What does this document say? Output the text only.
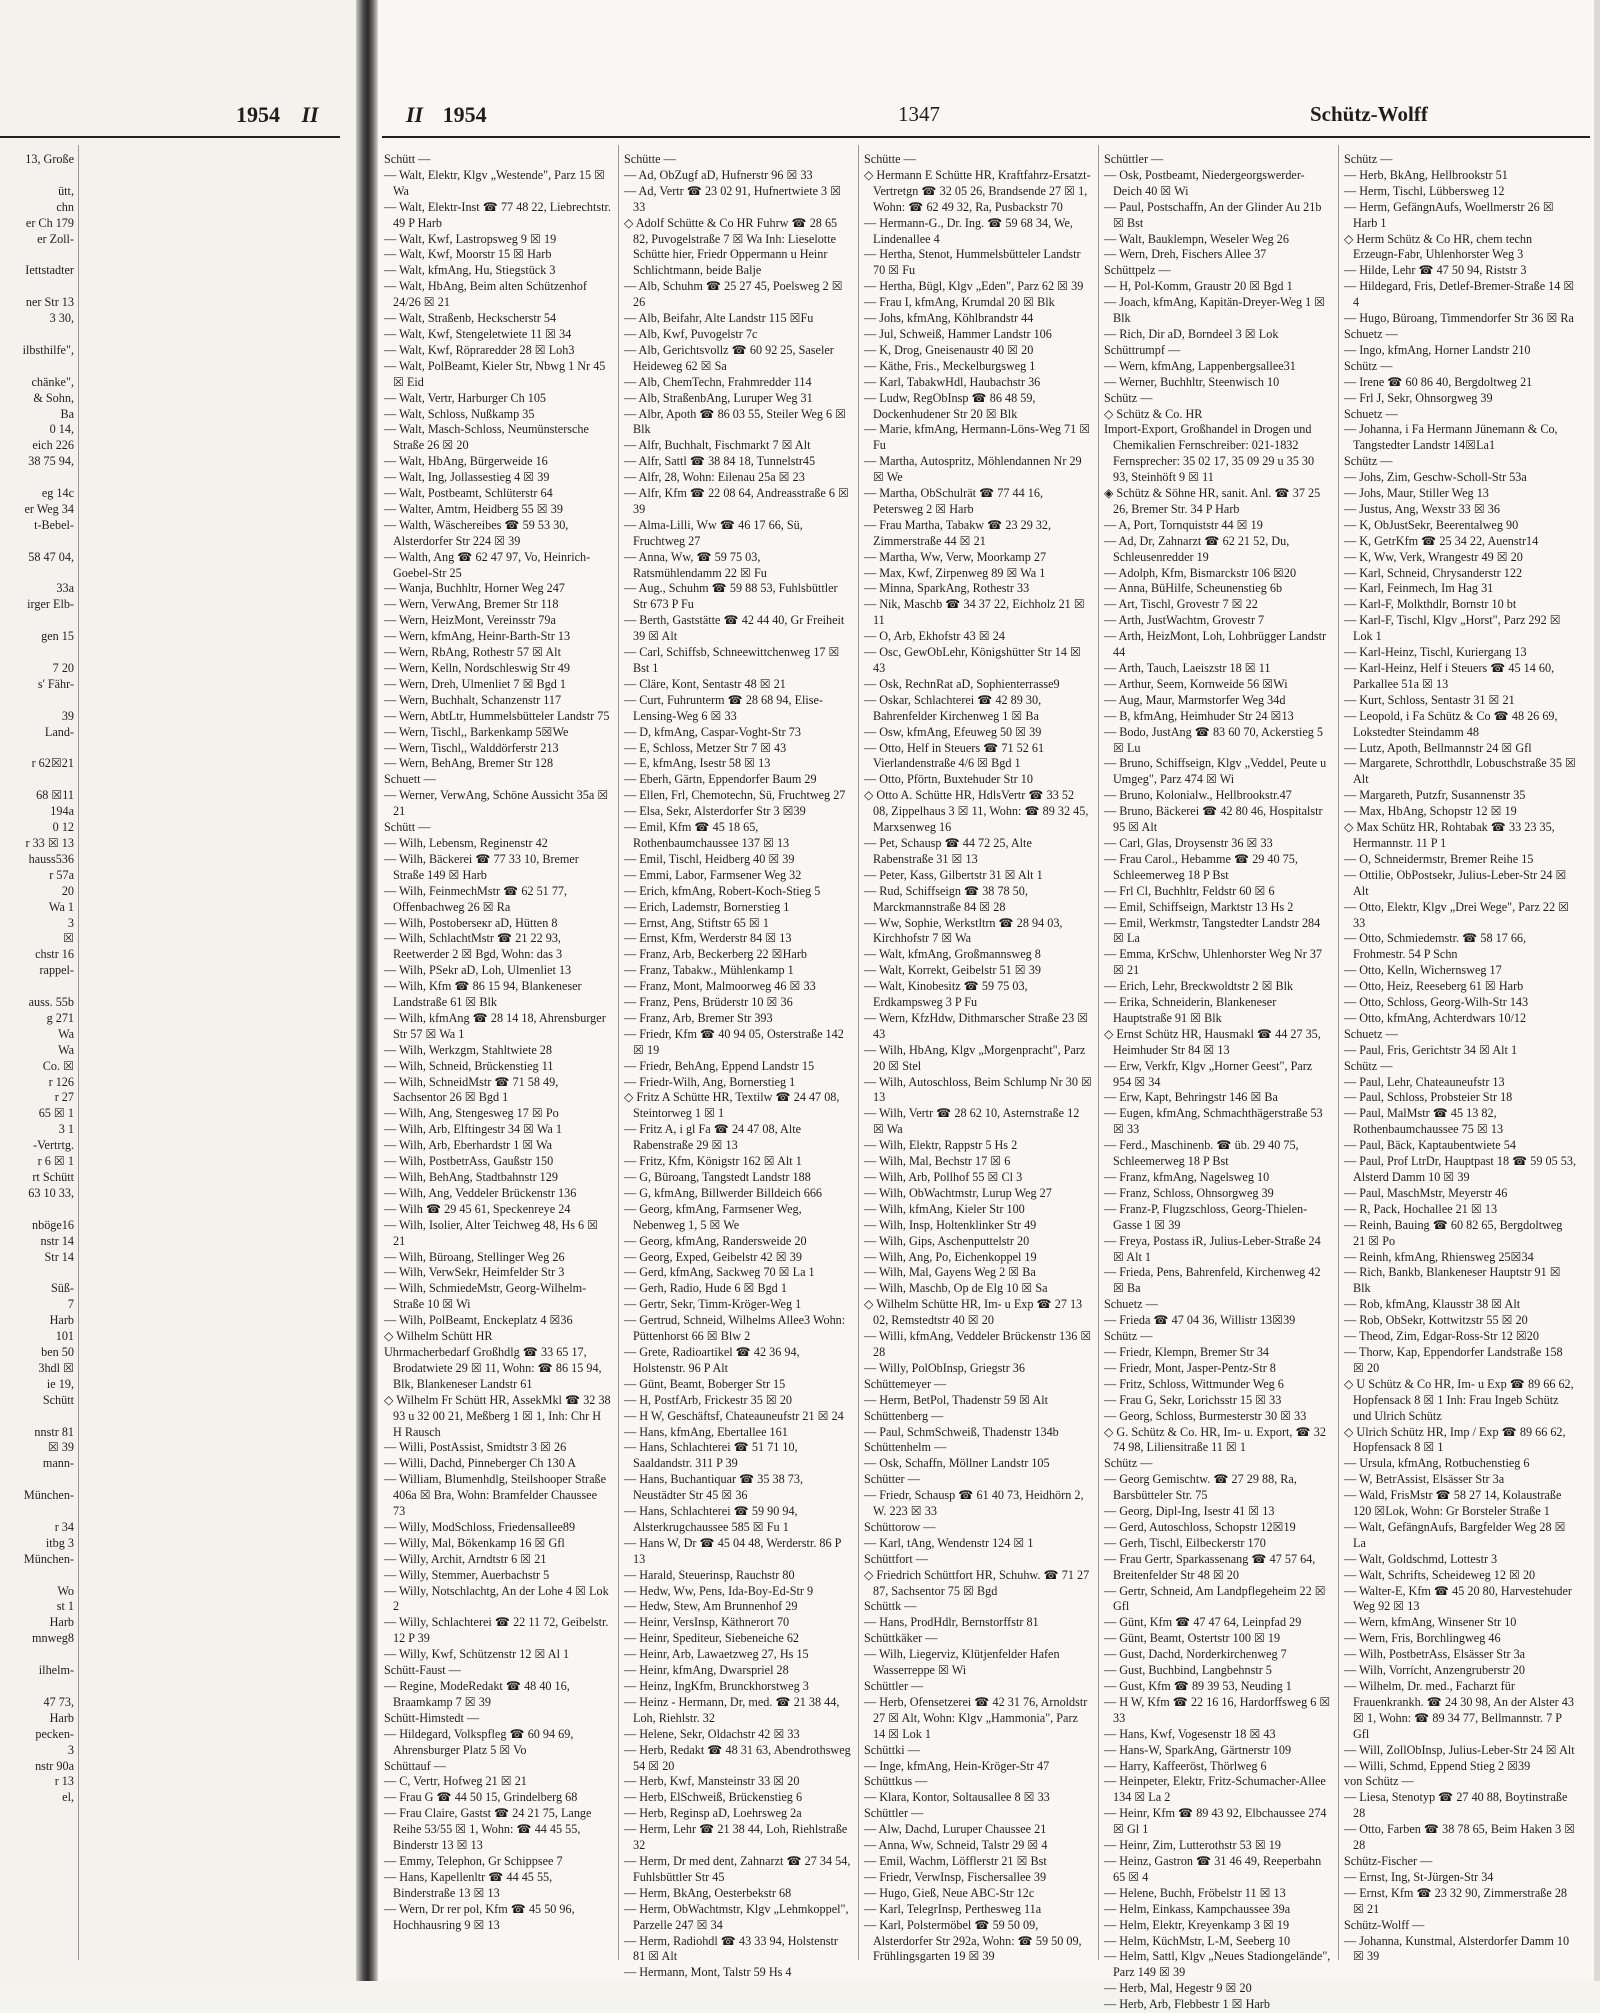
1954 II
13, Große

ütt,
chn
er Ch 179
er Zoll-

Iettstadter

ner Str 13
3 30,

ilbsthilfe",

chänke",
& Sohn,
Ba
0 14,
eich 226
38 75 94,

eg 14c
er Weg 34
t-Bebel-

58 47 04,

33a
irger Elb-

gen 15

7 20
s' Fähr-

39
Land-

r 62☒21

68 ☒11
194a
0 12
r 33 ☒ 13
hauss536
r 57a
20
Wa 1
3
☒
chstr 16
rappel-

auss. 55b
g 271
Wa
Wa
Co. ☒
r 126
r 27
65 ☒ 1
3 1
-Vertrtg.
r 6 ☒ 1
rt Schütt
63 10 33,

nböge16
nstr 14
Str 14

Süß-
7
Harb
101
ben 50
3hdl ☒
ie 19,
Schütt

nnstr 81
☒ 39
mann-

München-

r 34
itbg 3
München-

Wo
st 1
Harb
mnweg8

ilhelm-

47 73,
Harb
pecken-
3
nstr 90a
r 13
el,

II 1954	1347	Schütz-Wolff
Schütt —
— Walt, Elektr, Klgv „Westende", Parz 15 ☒ Wa
— Walt, Elektr-Inst ☎ 77 48 22, Liebrechtstr. 49 P Harb
— Walt, Kwf, Lastropsweg 9 ☒ 19
— Walt, Kwf, Moorstr 15 ☒ Harb
— Walt, kfmAng, Hu, Stiegstück 3
— Walt, HbAng, Beim alten Schützenhof 24/26 ☒ 21
— Walt, Straßenb, Heckscherstr 54
— Walt, Kwf, Stengeletwiete 11 ☒ 34
— Walt, Kwf, Röpraredder 28 ☒ Loh3
— Walt, PolBeamt, Kieler Str, Nbwg 1 Nr 45 ☒ Eid
— Walt, Vertr, Harburger Ch 105
— Walt, Schloss, Nußkamp 35
— Walt, Masch-Schloss, Neumünstersche Straße 26 ☒ 20
— Walt, HbAng, Bürgerweide 16
— Walt, Ing, Jollassestieg 4 ☒ 39
— Walt, Postbeamt, Schlüterstr 64
— Walter, Amtm, Heidberg 55 ☒ 39
— Walth, Wäschereibes ☎ 59 53 30, Alsterdorfer Str 224 ☒ 39
— Walth, Ang ☎ 62 47 97, Vo, Heinrich-Goebel-Str 25
— Wanja, Buchhltr, Horner Weg 247
— Wern, VerwAng, Bremer Str 118
— Wern, HeizMont, Vereinsstr 79a
— Wern, kfmAng, Heinr-Barth-Str 13
— Wern, RbAng, Rothestr 57 ☒ Alt
— Wern, Kelln, Nordschleswig Str 49
— Wern, Dreh, Ulmenliet 7 ☒ Bgd 1
— Wern, Buchhalt, Schanzenstr 117
— Wern, AbtLtr, Hummelsbütteler Landstr 75
— Wern, Tischl,, Barkenkamp 5☒We
— Wern, Tischl,, Walddörferstr 213
— Wern, BehAng, Bremer Str 128
Schuett —
— Werner, VerwAng, Schöne Aussicht 35a ☒ 21
Schütt —
— Wilh, Lebensm, Reginenstr 42
— Wilh, Bäckerei ☎ 77 33 10, Bremer Straße 149 ☒ Harb
— Wilh, FeinmechMstr ☎ 62 51 77, Offenbachweg 26 ☒ Ra
— Wilh, Postoberseкr aD, Hütten 8
— Wilh, SchlachtMstr ☎ 21 22 93, Reetwerder 2 ☒ Bgd, Wohn: das 3
— Wilh, PSekr aD, Loh, Ulmenliet 13
— Wilh, Kfm ☎ 86 15 94, Blankeneser Landstraße 61 ☒ Blk
— Wilh, kfmAng ☎ 28 14 18, Ahrensburger Str 57 ☒ Wa 1
— Wilh, Werkzgm, Stahltwiete 28
— Wilh, Schneid, Brückenstieg 11
— Wilh, SchneidMstr ☎ 71 58 49, Sachsentor 26 ☒ Bgd 1
— Wilh, Ang, Stengesweg 17 ☒ Po
— Wilh, Arb, Elftingestr 34 ☒ Wa 1
— Wilh, Arb, Eberhardstr 1 ☒ Wa
— Wilh, PostbetrAss, Gaußstr 150
— Wilh, BehAng, Stadtbahnstr 129
— Wilh, Ang, Veddeler Brückenstr 136
— Wilh ☎ 29 45 61, Speckenreye 24
— Wilh, Isolier, Alter Teichweg 48, Hs 6 ☒ 21
— Wilh, Büroang, Stellinger Weg 26
— Wilh, VerwSekr, Heimfelder Str 3
— Wilh, SchmiedeMstr, Georg-Wilhelm-Straße 10 ☒ Wi
— Wilh, PolBeamt, Enckeplatz 4 ☒36
◇ Wilhelm Schütt HR
Uhrmacherbedarf Großhdlg ☎ 33 65 17, Brodatwiete 29 ☒ 11, Wohn: ☎ 86 15 94, Blk, Blankeneser Landstr 61
◇ Wilhelm Fr Schütt HR, AssekMkl ☎ 32 38 93 u 32 00 21, Meßberg 1 ☒ 1, Inh: Chr H H Rausch
— Willi, PostAssist, Smidtstr 3 ☒ 26
— Willi, Dachd, Pinneberger Ch 130 A
— William, Blumenhdlg, Steilshooper Straße 406a ☒ Bra, Wohn: Bramfelder Chaussee 73
— Willy, ModSchloss, Friedensallee89
— Willy, Mal, Bökenkamp 16 ☒ Gfl
— Willy, Archit, Arndtstr 6 ☒ 21
— Willy, Stemmer, Auerbachstr 5
— Willy, Notschlachtg, An der Lohe 4 ☒ Lok 2
— Willy, Schlachterei ☎ 22 11 72, Geibelstr. 12 P 39
— Willy, Kwf, Schützenstr 12 ☒ Al 1
Schütt-Faust —
— Regine, ModeRedakt ☎ 48 40 16, Braamkamp 7 ☒ 39
Schütt-Himstedt —
— Hildegard, Volkspfleg ☎ 60 94 69, Ahrensburger Platz 5 ☒ Vo
Schüttauf —
— C, Vertr, Hofweg 21 ☒ 21
— Frau G ☎ 44 50 15, Grindelberg 68
— Frau Claire, Gastst ☎ 24 21 75, Lange Reihe 53/55 ☒ 1, Wohn: ☎ 44 45 55, Binderstr 13 ☒ 13
— Emmy, Telephon, Gr Schippsee 7
— Hans, Kapellenltr ☎ 44 45 55, Binderstraße 13 ☒ 13
— Wern, Dr rer pol, Kfm ☎ 45 50 96, Hochhausring 9 ☒ 13
Schütte —
— Ad, ObZugf aD, Hufnerstr 96 ☒ 33
— Ad, Vertr ☎ 23 02 91, Hufnertwiete 3 ☒ 33
◇ Adolf Schütte & Co HR Fuhrw ☎ 28 65 82, Puvogelstraße 7 ☒ Wa Inh: Lieselotte Schütte hier, Friedr Oppermann u Heinr Schlichtmann, beide Balje
— Alb, Schuhm ☎ 25 27 45, Poelsweg 2 ☒ 26
— Alb, Beifahr, Alte Landstr 115 ☒Fu
— Alb, Kwf, Puvogelstr 7c
— Alb, Gerichtsvollz ☎ 60 92 25, Saseler Heideweg 62 ☒ Sa
— Alb, ChemTechn, Frahmredder 114
— Alb, StraßenbAng, Luruper Weg 31
— Albr, Apoth ☎ 86 03 55, Steiler Weg 6 ☒ Blk
— Alfr, Buchhalt, Fischmarkt 7 ☒ Alt
— Alfr, Sattl ☎ 38 84 18, Tunnelstr45
— Alfr, 28, Wohn: Eilenau 25a ☒ 23
— Alfr, Kfm ☎ 22 08 64, Andreasstraße 6 ☒ 39
— Alma-Lilli, Ww ☎ 46 17 66, Sü, Fruchtweg 27
— Anna, Ww, ☎ 59 75 03, Ratsmühlendamm 22 ☒ Fu
— Aug., Schuhm ☎ 59 88 53, Fuhlsbüttler Str 673 P Fu
— Berth, Gaststätte ☎ 42 44 40, Gr Freiheit 39 ☒ Alt
— Carl, Schiffsb, Schneewittchenweg 17 ☒ Bst 1
— Cläre, Kont, Sentastr 48 ☒ 21
— Curt, Fuhrunterm ☎ 28 68 94, Elise-Lensing-Weg 6 ☒ 33
— D, kfmAng, Caspar-Voght-Str 73
— E, Schloss, Metzer Str 7 ☒ 43
— E, kfmAng, Isestr 58 ☒ 13
— Eberh, Gärtn, Eppendorfer Baum 29
— Ellen, Frl, Chemotechn, Sü, Fruchtweg 27
— Elsa, Sekr, Alsterdorfer Str 3 ☒39
— Emil, Kfm ☎ 45 18 65, Rothenbaumchaussee 137 ☒ 13
— Emil, Tischl, Heidberg 40 ☒ 39
— Emmi, Labor, Farmsener Weg 32
— Erich, kfmAng, Robert-Koch-Stieg 5
— Erich, Lademstr, Bornerstieg 1
— Ernst, Ang, Stiftstr 65 ☒ 1
— Ernst, Kfm, Werderstr 84 ☒ 13
— Franz, Arb, Beckerberg 22 ☒Harb
— Franz, Tabakw., Mühlenkamp 1
— Franz, Mont, Malmoorweg 46 ☒ 33
— Franz, Pens, Brüderstr 10 ☒ 36
— Franz, Arb, Bremer Str 393
— Friedr, Kfm ☎ 40 94 05, Osterstraße 142 ☒ 19
— Friedr, BehAng, Eppend Landstr 15
— Friedr-Wilh, Ang, Bornerstieg 1
◇ Fritz A Schütte HR, Textilw ☎ 24 47 08, Steintorweg 1 ☒ 1
— Fritz A, i gl Fa ☎ 24 47 08, Alte Rabenstraße 29 ☒ 13
— Fritz, Kfm, Königstr 162 ☒ Alt 1
— G, Büroang, Tangstedt Landstr 188
— G, kfmAng, Billwerder Billdeich 666
— Georg, kfmAng, Farmsener Weg, Nebenweg 1, 5 ☒ We
— Georg, kfmAng, Randersweide 20
— Georg, Exped, Geibelstr 42 ☒ 39
— Gerd, kfmAng, Sackweg 70 ☒ La 1
— Gerh, Radio, Hude 6 ☒ Bgd 1
— Gertr, Sekr, Timm-Kröger-Weg 1
— Gertrud, Schneid, Wilhelms Allee3 Wohn: Püttenhorst 66 ☒ Blw 2
— Grete, Radioartikel ☎ 42 36 94, Holstenstr. 96 P Alt
— Günt, Beamt, Boberger Str 15
— H, PostfArb, Frickestr 35 ☒ 20
— H W, Geschäftsf, Chateauneufstr 21 ☒ 24
— Hans, kfmAng, Ebertallee 161
— Hans, Schlachterei ☎ 51 71 10, Saaldandstr. 311 P 39
— Hans, Buchantiquar ☎ 35 38 73, Neustädter Str 45 ☒ 36
— Hans, Schlachterei ☎ 59 90 94, Alsterkrugchaussee 585 ☒ Fu 1
— Hans W, Dr ☎ 45 04 48, Werderstr. 86 P 13
— Harald, Steuerinsp, Rauchstr 80
— Hedw, Ww, Pens, Ida-Boy-Ed-Str 9
— Hedw, Stew, Am Brunnenhof 29
— Heinr, VersInsp, Käthnerort 70
— Heinr, Spediteur, Siebeneiche 62
— Heinr, Arb, Lawaetzweg 27, Hs 15
— Heinr, kfmAng, Dwarspriel 28
— Heinz, IngKfm, Brunckhorstweg 3
— Heinz - Hermann, Dr, med. ☎ 21 38 44, Loh, Riehlstr. 32
— Helene, Sekr, Oldachstr 42 ☒ 33
— Herb, Redakt ☎ 48 31 63, Abendrothsweg 54 ☒ 20
— Herb, Kwf, Mansteinstr 33 ☒ 20
— Herb, ElSchweiß, Brückenstieg 6
— Herb, Reginsp aD, Loehrsweg 2a
— Herm, Lehr ☎ 21 38 44, Loh, Riehlstraße 32
— Herm, Dr med dent, Zahnarzt ☎ 27 34 54, Fuhlsbüttler Str 45
— Herm, BkAng, Oesterbekstr 68
— Herm, ObWachtmstr, Klgv „Lehmkoppel", Parzelle 247 ☒ 34
— Herm, Radiohdl ☎ 43 33 94, Holstenstr 81 ☒ Alt
— Hermann, Mont, Talstr 59 Hs 4
Schütte —
◇ Hermann E Schütte HR, Kraftfahrz-Ersatzt-Vertretgn ☎ 32 05 26, Brandsende 27 ☒ 1, Wohn: ☎ 62 49 32, Ra, Pusbackstr 70
— Hermann-G., Dr. Ing. ☎ 59 68 34, We, Lindenallee 4
— Hertha, Stenot, Hummelsbütteler Landstr 70 ☒ Fu
— Hertha, Bügl, Klgv „Eden", Parz 62 ☒ 39
— Frau I, kfmAng, Krumdal 20 ☒ Blk
— Johs, kfmAng, Köhlbrandstr 44
— Jul, Schweiß, Hammer Landstr 106
— K, Drog, Gneisenaustr 40 ☒ 20
— Käthe, Fris., Meckelburgsweg 1
— Karl, TabakwHdl, Haubachstr 36
— Ludw, RegObInsp ☎ 86 48 59, Dockenhudener Str 20 ☒ Blk
— Marie, kfmAng, Hermann-Löns-Weg 71 ☒ Fu
— Martha, Autospritz, Möhlendannen Nr 29 ☒ We
— Martha, ObSchulrät ☎ 77 44 16, Petersweg 2 ☒ Harb
— Frau Martha, Tabakw ☎ 23 29 32, Zimmerstraße 44 ☒ 21
— Martha, Ww, Verw, Moorkamp 27
— Max, Kwf, Zirpenweg 89 ☒ Wa 1
— Minna, SparkAng, Rothestr 33
— Nik, Maschb ☎ 34 37 22, Eichholz 21 ☒ 11
— O, Arb, Ekhofstr 43 ☒ 24
— Osc, GewObLehr, Königshütter Str 14 ☒ 43
— Osk, RechnRat aD, Sophienterrasse9
— Oskar, Schlachterei ☎ 42 89 30, Bahrenfelder Kirchenweg 1 ☒ Ba
— Osw, kfmAng, Efeuweg 50 ☒ 39
— Otto, Helf in Steuers ☎ 71 52 61 Vierlandenstraße 4/6 ☒ Bgd 1
— Otto, Pförtn, Buxtehuder Str 10
◇ Otto A. Schütte HR, HdlsVertr ☎ 33 52 08, Zippelhaus 3 ☒ 11, Wohn: ☎ 89 32 45, Marxsenweg 16
— Pet, Schausp ☎ 44 72 25, Alte Rabenstraße 31 ☒ 13
— Peter, Kass, Gilbertstr 31 ☒ Alt 1
— Rud, Schiffseign ☎ 38 78 50, Marckmannstraße 84 ☒ 28
— Ww, Sophie, Werkstltrn ☎ 28 94 03, Kirchhofstr 7 ☒ Wa
— Walt, kfmAng, Großmannsweg 8
— Walt, Korrekt, Geibelstr 51 ☒ 39
— Walt, Kinobesitz ☎ 59 75 03, Erdkampsweg 3 P Fu
— Wern, KfzHdw, Dithmarscher Straße 23 ☒ 43
— Wilh, HbAng, Klgv „Morgenpracht", Parz 20 ☒ Stel
— Wilh, Autoschloss, Beim Schlump Nr 30 ☒ 13
— Wilh, Vertr ☎ 28 62 10, Asternstraße 12 ☒ Wa
— Wilh, Elektr, Rappstr 5 Hs 2
— Wilh, Mal, Bechstr 17 ☒ 6
— Wilh, Arb, Pollhof 55 ☒ Cl 3
— Wilh, ObWachtmstr, Lurup Weg 27
— Wilh, kfmAng, Kieler Str 100
— Wilh, Insp, Holtenklinker Str 49
— Wilh, Gips, Aschenputtelstr 20
— Wilh, Ang, Po, Eichenkoppel 19
— Wilh, Mal, Gayens Weg 2 ☒ Ba
— Wilh, Maschb, Op de Elg 10 ☒ Sa
◇ Wilhelm Schütte HR, Im- u Exp ☎ 27 13 02, Remstedtstr 40 ☒ 20
— Willi, kfmAng, Veddeler Brückenstr 136 ☒ 28
— Willy, PolObInsp, Griegstr 36
Schüttemeyer —
— Herm, BetPol, Thadenstr 59 ☒ Alt
Schüttenberg —
— Paul, SchmSchweiß, Thadenstr 134b
Schüttenhelm —
— Osk, Schaffn, Möllner Landstr 105
Schütter —
— Friedr, Schausp ☎ 61 40 73, Heidhörn 2, W. 223 ☒ 33
Schüttorow —
— Karl, tAng, Wendenstr 124 ☒ 1
Schüttfort —
◇ Friedrich Schüttfort HR, Schuhw. ☎ 71 27 87, Sachsentor 75 ☒ Bgd
Schüttk —
— Hans, ProdHdlr, Bernstorffstr 81
Schüttkäker —
— Wilh, Liegerviz, Klütjenfelder Hafen Wasserreppe ☒ Wi
Schüttler —
— Herb, Ofensetzerei ☎ 42 31 76, Arnoldstr 27 ☒ Alt, Wohn: Klgv „Hammonia", Parz 14 ☒ Lok 1
Schüttki —
— Inge, kfmAng, Hein-Kröger-Str 47
Schüttkus —
— Klara, Kontor, Soltausallee 8 ☒ 33
Schüttler —
— Alw, Dachd, Luruper Chaussee 21
— Anna, Ww, Schneid, Talstr 29 ☒ 4
— Emil, Wachm, Löfflerstr 21 ☒ Bst
— Friedr, VerwInsp, Fischersallee 39
— Hugo, Gieß, Neue ABC-Str 12c
— Karl, TelegrInsp, Perthesweg 11a
— Karl, Polstermöbel ☎ 59 50 09, Alsterdorfer Str 292a, Wohn: ☎ 59 50 09, Frühlingsgarten 19 ☒ 39
Schüttler —
— Osk, Postbeamt, Niedergeorgswerder-Deich 40 ☒ Wi
— Paul, Postschaffn, An der Glinder Au 21b ☒ Bst
— Walt, Bauklempn, Weseler Weg 26
— Wern, Dreh, Fischers Allee 37
Schüttpelz —
— H, Pol-Komm, Graustr 20 ☒ Bgd 1
— Joach, kfmAng, Kapitän-Dreyer-Weg 1 ☒ Blk
— Rich, Dir aD, Borndeel 3 ☒ Lok
Schüttrumpf —
— Wern, kfmAng, Lappenbergsallee31
— Werner, Buchhltr, Steenwisch 10
Schütz —
◇ Schütz & Co. HR
Import-Export, Großhandel in Drogen und Chemikalien Fernschreiber: 021-1832 Fernsprecher: 35 02 17, 35 09 29 u 35 30 93, Steinhöft 9 ☒ 11
◈ Schütz & Söhne HR, sanit. Anl. ☎ 37 25 26, Bremer Str. 34 P Harb
— A, Port, Tornquiststr 44 ☒ 19
— Ad, Dr, Zahnarzt ☎ 62 21 52, Du, Schleusenredder 19
— Adolph, Kfm, Bismarckstr 106 ☒20
— Anna, BüHilfe, Scheunenstieg 6b
— Art, Tischl, Grovestr 7 ☒ 22
— Arth, JustWachtm, Grovestr 7
— Arth, HeizMont, Loh, Lohbrügger Landstr 44
— Arth, Tauch, Laeiszstr 18 ☒ 11
— Arthur, Seem, Kornweide 56 ☒Wi
— Aug, Maur, Marmstorfer Weg 34d
— B, kfmAng, Heimhuder Str 24 ☒13
— Bodo, JustAng ☎ 83 60 70, Ackerstieg 5 ☒ Lu
— Bruno, Schiffseign, Klgv „Veddel, Peute u Umgeg", Parz 474 ☒ Wi
— Bruno, Kolonialw., Hellbrookstr.47
— Bruno, Bäckerei ☎ 42 80 46, Hospitalstr 95 ☒ Alt
— Carl, Glas, Droysenstr 36 ☒ 33
— Frau Carol., Hebamme ☎ 29 40 75, Schleemerweg 18 P Bst
— Frl Cl, Buchhltr, Feldstr 60 ☒ 6
— Emil, Schiffseign, Marktstr 13 Hs 2
— Emil, Werkmstr, Tangstedter Landstr 284 ☒ La
— Emma, KrSchw, Uhlenhorster Weg Nr 37 ☒ 21
— Erich, Lehr, Breckwoldtstr 2 ☒ Blk
— Erika, Schneiderin, Blankeneser Hauptstraße 91 ☒ Blk
◇ Ernst Schütz HR, Hausmakl ☎ 44 27 35, Heimhuder Str 84 ☒ 13
— Erw, Verkfr, Klgv „Horner Geest", Parz 954 ☒ 34
— Erw, Kapt, Behringstr 146 ☒ Ba
— Eugen, kfmAng, Schmachthägerstraße 53 ☒ 33
— Ferd., Maschinenb. ☎ üb. 29 40 75, Schleemerweg 18 P Bst
— Franz, kfmAng, Nagelsweg 10
— Franz, Schloss, Ohnsorgweg 39
— Franz-P, Flugzschloss, Georg-Thielen-Gasse 1 ☒ 39
— Freya, Postass iR, Julius-Leber-Straße 24 ☒ Alt 1
— Frieda, Pens, Bahrenfeld, Kirchenweg 42 ☒ Ba
Schuetz —
— Frieda ☎ 47 04 36, Willistr 13☒39
Schütz —
— Friedr, Klempn, Bremer Str 34
— Friedr, Mont, Jasper-Pentz-Str 8
— Fritz, Schloss, Wittmunder Weg 6
— Frau G, Sekr, Lorichsstr 15 ☒ 33
— Georg, Schloss, Burmesterstr 30 ☒ 33
◇ G. Schütz & Co. HR, Im- u. Export, ☎ 32 74 98, Liliensitraße 11 ☒ 1
Schütz —
— Georg Gemischtw. ☎ 27 29 88, Ra, Barsbütteler Str. 75
— Georg, Dipl-Ing, Isestr 41 ☒ 13
— Gerd, Autoschloss, Schopstr 12☒19
— Gerh, Tischl, Eilbeckerstr 170
— Frau Gertr, Sparkassenang ☎ 47 57 64, Breitenfelder Str 48 ☒ 20
— Gertr, Schneid, Am Landpflegeheim 22 ☒ Gfl
— Günt, Kfm ☎ 47 47 64, Leinpfad 29
— Günt, Beamt, Ostertstr 100 ☒ 19
— Gust, Dachd, Norderkirchenweg 7
— Gust, Buchbind, Langbehnstr 5
— Gust, Kfm ☎ 89 39 53, Neuding 1
— H W, Kfm ☎ 22 16 16, Hardorffsweg 6 ☒ 33
— Hans, Kwf, Vogesenstr 18 ☒ 43
— Hans-W, SparkAng, Gärtnerstr 109
— Harry, Kaffeeröst, Thörlweg 6
— Heinpeter, Elektr, Fritz-Schumacher-Allee 134 ☒ La 2
— Heinr, Kfm ☎ 89 43 92, Elbchaussee 274 ☒ Gl 1
— Heinr, Zim, Lutterothstr 53 ☒ 19
— Heinz, Gastron ☎ 31 46 49, Reeperbahn 65 ☒ 4
— Helene, Buchh, Fröbelstr 11 ☒ 13
— Helm, Einkass, Kampchaussee 39a
— Helm, Elektr, Kreyenkamp 3 ☒ 19
— Helm, KüchMstr, L-M, Seeberg 10
— Helm, Sattl, Klgv „Neues Stadiongelände", Parz 149 ☒ 39
— Herb, Mal, Hegestr 9 ☒ 20
— Herb, Arb, Flebbestr 1 ☒ Harb
Schütz —
— Herb, BkAng, Hellbrookstr 51
— Herm, Tischl, Lübbersweg 12
— Herm, GefängnAufs, Woellmerstr 26 ☒ Harb 1
◇ Herm Schütz & Co HR, chem techn Erzeugn-Fabr, Uhlenhorster Weg 3
— Hilde, Lehr ☎ 47 50 94, Riststr 3
— Hildegard, Fris, Detlef-Bremer-Straße 14 ☒ 4
— Hugo, Büroang, Timmendorfer Str 36 ☒ Ra
Schuetz —
— Ingo, kfmAng, Horner Landstr 210
Schütz —
— Irene ☎ 60 86 40, Bergdoltweg 21
— Frl J, Sekr, Ohnsorgweg 39
Schuetz —
— Johanna, i Fa Hermann Jünemann & Co, Tangstedter Landstr 14☒La1
Schütz —
— Johs, Zim, Geschw-Scholl-Str 53a
— Johs, Maur, Stiller Weg 13
— Justus, Ang, Wexstr 33 ☒ 36
— K, ObJustSekr, Beerentalweg 90
— K, GetrKfm ☎ 25 34 22, Auenstr14
— K, Ww, Verk, Wrangestr 49 ☒ 20
— Karl, Schneid, Chrysanderstr 122
— Karl, Feinmech, Im Hag 31
— Karl-F, Molkthdlr, Bornstr 10 bt
— Karl-F, Tischl, Klgv „Horst", Parz 292 ☒ Lok 1
— Karl-Heinz, Tischl, Kuriergang 13
— Karl-Heinz, Helf i Steuers ☎ 45 14 60, Parkallee 51a ☒ 13
— Kurt, Schloss, Sentastr 31 ☒ 21
— Leopold, i Fa Schütz & Co ☎ 48 26 69, Lokstedter Steindamm 48
— Lutz, Apoth, Bellmannstr 24 ☒ Gfl
— Margarete, Schrotthdlr, Lobuschstraße 35 ☒ Alt
— Margareth, Putzfr, Susannenstr 35
— Max, HbAng, Schopstr 12 ☒ 19
◇ Max Schütz HR, Rohtabak ☎ 33 23 35, Hermannstr. 11 P 1
— O, Schneidermstr, Bremer Reihe 15
— Ottilie, ObPostsekr, Julius-Leber-Str 24 ☒ Alt
— Otto, Elektr, Klgv „Drei Wege", Parz 22 ☒ 33
— Otto, Schmiedemstr. ☎ 58 17 66, Frohmestr. 54 P Schn
— Otto, Kelln, Wichernsweg 17
— Otto, Heiz, Reeseberg 61 ☒ Harb
— Otto, Schloss, Georg-Wilh-Str 143
— Otto, kfmAng, Achterdwars 10/12
Schuetz —
— Paul, Fris, Gerichtstr 34 ☒ Alt 1
Schütz —
— Paul, Lehr, Chateauneufstr 13
— Paul, Schloss, Probsteier Str 18
— Paul, MalMstr ☎ 45 13 82, Rothenbaumchaussee 75 ☒ 13
— Paul, Bäck, Kaptaubentwiete 54
— Paul, Prof LtrDr, Hauptpast 18 ☎ 59 05 53, Alsterd Damm 10 ☒ 39
— Paul, MaschMstr, Meyerstr 46
— R, Pack, Hochallee 21 ☒ 13
— Reinh, Bauing ☎ 60 82 65, Bergdoltweg 21 ☒ Po
— Reinh, kfmAng, Rhiensweg 25☒34
— Rich, Bankb, Blankeneser Hauptstr 91 ☒ Blk
— Rob, kfmAng, Klausstr 38 ☒ Alt
— Rob, ObSekr, Kottwitzstr 55 ☒ 20
— Theod, Zim, Edgar-Ross-Str 12 ☒20
— Thorw, Kap, Eppendorfer Landstraße 158 ☒ 20
◇ U Schütz & Co HR, Im- u Exp ☎ 89 66 62, Hopfensack 8 ☒ 1 Inh: Frau Ingeb Schütz und Ulrich Schütz
◇ Ulrich Schütz HR, Imp / Exp ☎ 89 66 62, Hopfensack 8 ☒ 1
— Ursula, kfmAng, Rotbuchenstieg 6
— W, BetrAssist, Elsässer Str 3a
— Wald, FrisMstr ☎ 58 27 14, Kolaustraße 120 ☒Lok, Wohn: Gr Borsteler Straße 1
— Walt, GefängnAufs, Bargfelder Weg 28 ☒ La
— Walt, Goldschmd, Lottestr 3
— Walt, Schrifts, Scheideweg 12 ☒ 20
— Walter-E, Kfm ☎ 45 20 80, Harvestehuder Weg 92 ☒ 13
— Wern, kfmAng, Winsener Str 10
— Wern, Fris, Borchlingweg 46
— Wilh, PostbetrAss, Elsässer Str 3a
— Wilh, Vorrícht, Anzengruberstr 20
— Wilhelm, Dr. med., Facharzt für Frauenkrankh. ☎ 24 30 98, An der Alster 43 ☒ 1, Wohn: ☎ 89 34 77, Bellmannstr. 7 P Gfl
— Will, ZollObInsp, Julius-Leber-Str 24 ☒ Alt
— Willi, Schmd, Eppend Stieg 2 ☒39
von Schütz —
— Liesa, Stenotyp ☎ 27 40 88, Boytinstraße 28
— Otto, Farben ☎ 38 78 65, Beim Haken 3 ☒ 28
Schütz-Fischer —
— Ernst, Ing, St-Jürgen-Str 34
— Ernst, Kfm ☎ 23 32 90, Zimmerstraße 28 ☒ 21
Schütz-Wolff —
— Johanna, Kunstmal, Alsterdorfer Damm 10 ☒ 39
